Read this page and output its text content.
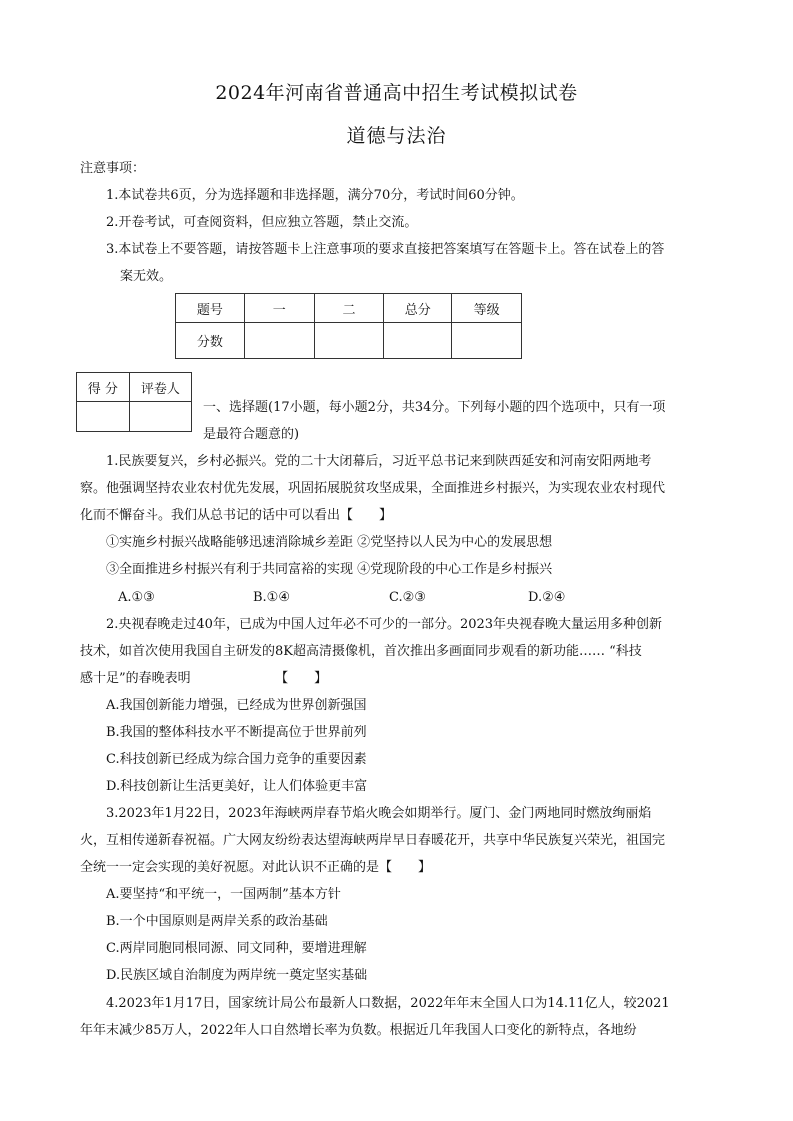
2024年河南省普通高中招生考试模拟试卷
道德与法治
注意事项：
1.本试卷共6页，分为选择题和非选择题，满分70分，考试时间60分钟。
2.开卷考试，可查阅资料，但应独立答题，禁止交流。
3.本试卷上不要答题，请按答题卡上注意事项的要求直接把答案填写在答题卡上。答在试卷上的答
案无效。
题号	一	二	总分	等级
分数				
得 分	评卷人

一、选择题(17小题，每小题2分，共34分。下列每小题的四个选项中，只有一项
是最符合题意的)
1.民族要复兴，乡村必振兴。党的二十大闭幕后，习近平总书记来到陕西延安和河南安阳两地考
察。他强调坚持农业农村优先发展，巩固拓展脱贫攻坚成果，全面推进乡村振兴，为实现农业农村现代
化而不懈奋斗。我们从总书记的话中可以看出【　　】
①实施乡村振兴战略能够迅速消除城乡差距 ②党坚持以人民为中心的发展思想
③全面推进乡村振兴有利于共同富裕的实现 ④党现阶段的中心工作是乡村振兴
A.①③	B.①④	C.②③	D.②④
2.央视春晚走过40年，已成为中国人过年必不可少的一部分。2023年央视春晚大量运用多种创新
技术，如首次使用我国自主研发的8K超高清摄像机，首次推出多画面同步观看的新功能…… “科技
感十足”的春晚表明　　　　　　　【　　】
A.我国创新能力增强，已经成为世界创新强国
B.我国的整体科技水平不断提高位于世界前列
C.科技创新已经成为综合国力竞争的重要因素
D.科技创新让生活更美好，让人们体验更丰富
3.2023年1月22日，2023年海峡两岸春节焰火晚会如期举行。厦门、金门两地同时燃放绚丽焰
火，互相传递新春祝福。广大网友纷纷表达望海峡两岸早日春暖花开，共享中华民族复兴荣光，祖国完
全统一一定会实现的美好祝愿。对此认识不正确的是【　　】
A.要坚持“和平统一，一国两制”基本方针
B.一个中国原则是两岸关系的政治基础
C.两岸同胞同根同源、同文同种，要增进理解
D.民族区域自治制度为两岸统一奠定坚实基础
4.2023年1月17日，国家统计局公布最新人口数据，2022年年末全国人口为14.11亿人，较2021
年年末减少85万人，2022年人口自然增长率为负数。根据近几年我国人口变化的新特点，各地纷
